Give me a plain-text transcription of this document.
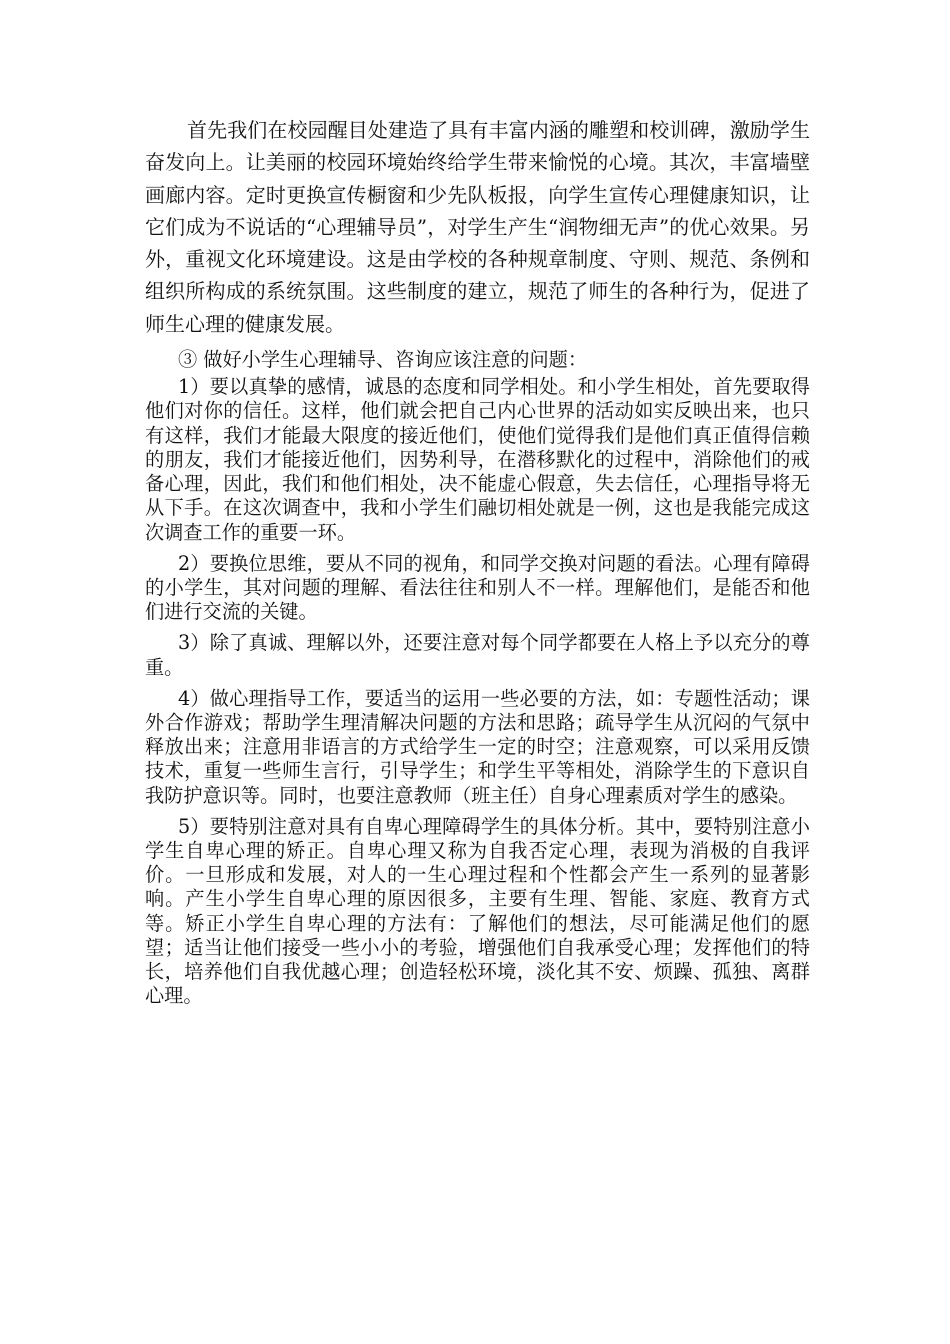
首先我们在校园醒目处建造了具有丰富内涵的雕塑和校训碑，激励学生奋发向上。让美丽的校园环境始终给学生带来愉悦的心境。其次，丰富墙壁画廊内容。定时更换宣传橱窗和少先队板报，向学生宣传心理健康知识，让它们成为不说话的“心理辅导员”，对学生产生“润物细无声”的优心效果。另外，重视文化环境建设。这是由学校的各种规章制度、守则、规范、条例和组织所构成的系统氛围。这些制度的建立，规范了师生的各种行为，促进了师生心理的健康发展。

③ 做好小学生心理辅导、咨询应该注意的问题：

1）要以真挚的感情，诚恳的态度和同学相处。和小学生相处，首先要取得他们对你的信任。这样，他们就会把自己内心世界的活动如实反映出来，也只有这样，我们才能最大限度的接近他们，使他们觉得我们是他们真正值得信赖的朋友，我们才能接近他们，因势利导，在潜移默化的过程中，消除他们的戒备心理，因此，我们和他们相处，决不能虚心假意，失去信任，心理指导将无从下手。在这次调查中，我和小学生们融切相处就是一例，这也是我能完成这次调查工作的重要一环。

2）要换位思维，要从不同的视角，和同学交换对问题的看法。心理有障碍的小学生，其对问题的理解、看法往往和别人不一样。理解他们，是能否和他们进行交流的关键。

3）除了真诚、理解以外，还要注意对每个同学都要在人格上予以充分的尊重。

4）做心理指导工作，要适当的运用一些必要的方法，如：专题性活动；课外合作游戏；帮助学生理清解决问题的方法和思路；疏导学生从沉闷的气氛中释放出来；注意用非语言的方式给学生一定的时空；注意观察，可以采用反馈技术，重复一些师生言行，引导学生；和学生平等相处，消除学生的下意识自我防护意识等。同时，也要注意教师（班主任）自身心理素质对学生的感染。

5）要特别注意对具有自卑心理障碍学生的具体分析。其中，要特别注意小学生自卑心理的矫正。自卑心理又称为自我否定心理，表现为消极的自我评价。一旦形成和发展，对人的一生心理过程和个性都会产生一系列的显著影响。产生小学生自卑心理的原因很多，主要有生理、智能、家庭、教育方式等。矫正小学生自卑心理的方法有：了解他们的想法，尽可能满足他们的愿望；适当让他们接受一些小小的考验，增强他们自我承受心理；发挥他们的特长，培养他们自我优越心理；创造轻松环境，淡化其不安、烦躁、孤独、离群心理。
